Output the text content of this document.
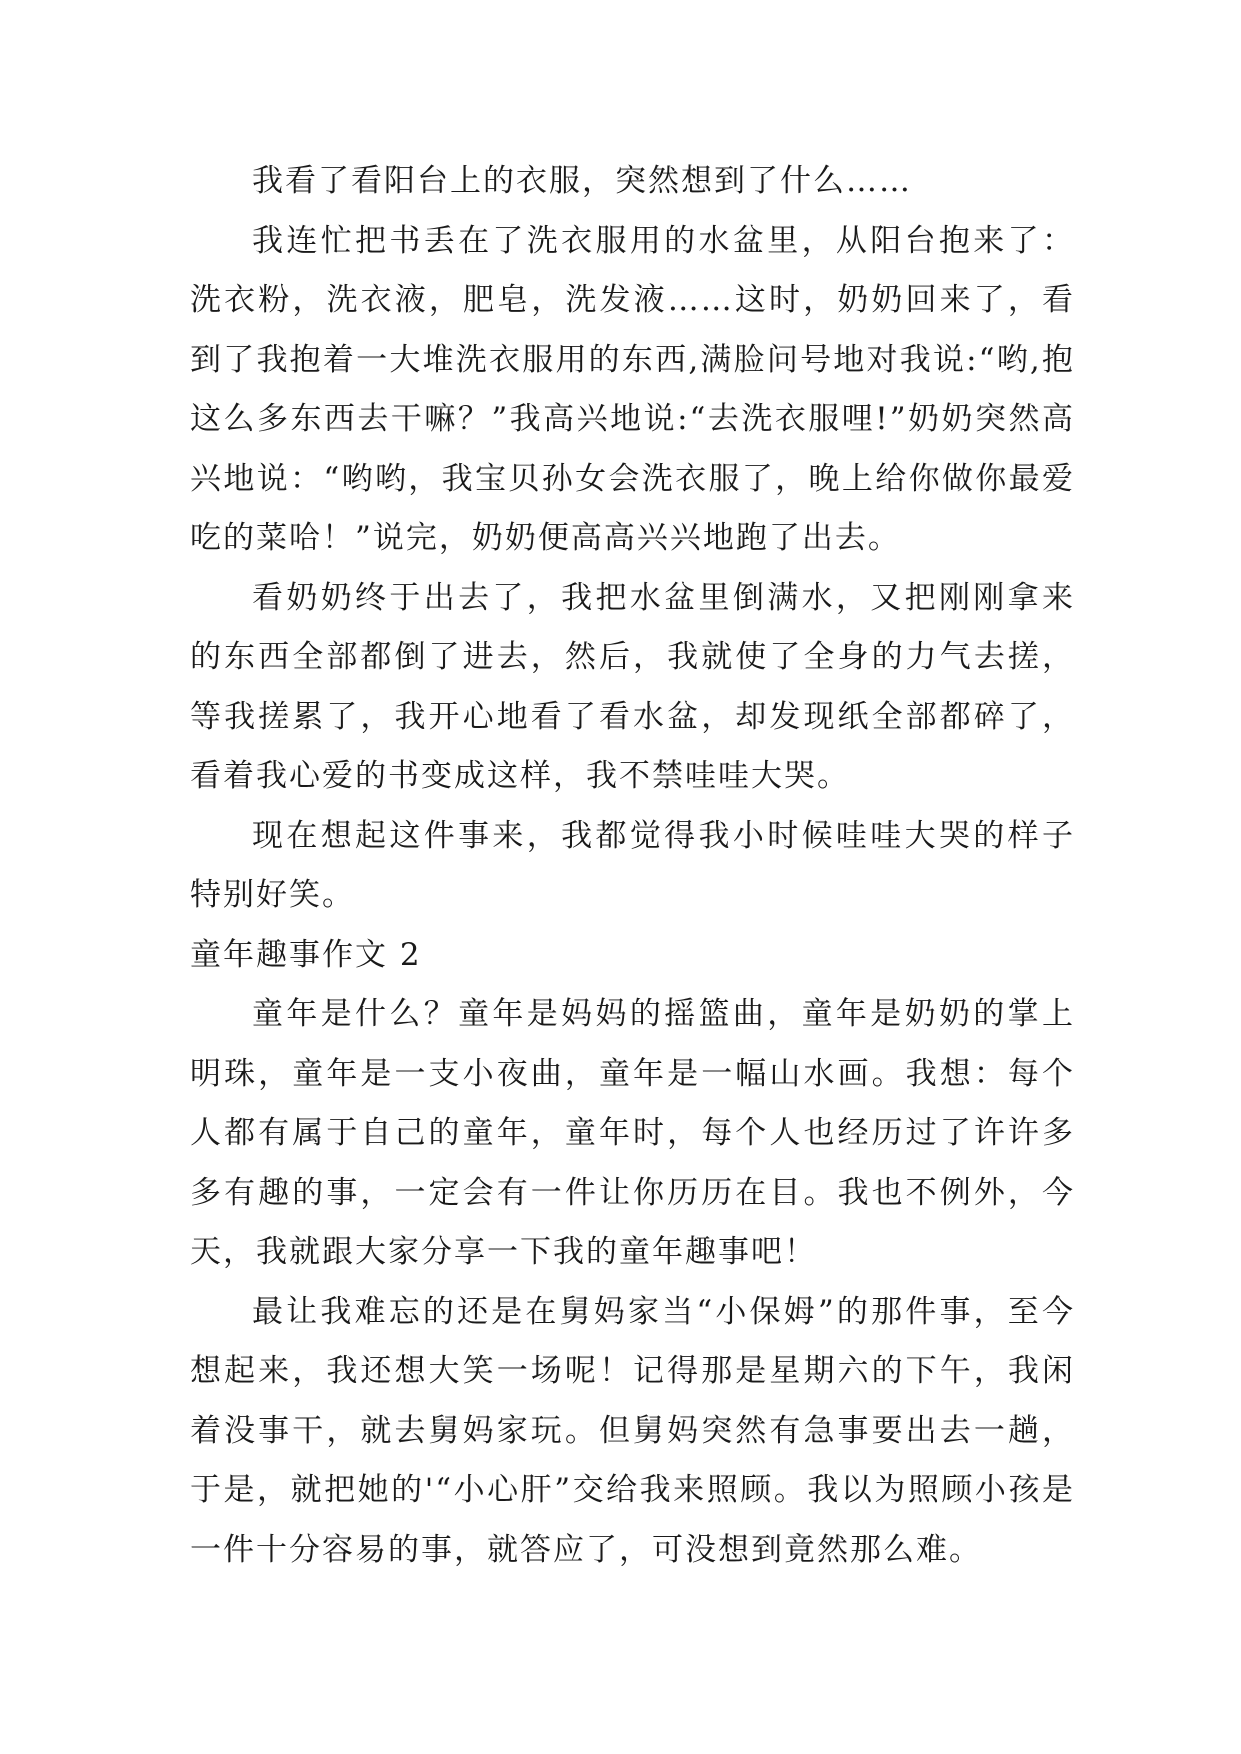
我看了看阳台上的衣服，突然想到了什么……

我连忙把书丢在了洗衣服用的水盆里，从阳台抱来了：洗衣粉，洗衣液，肥皂，洗发液……这时，奶奶回来了，看到了我抱着一大堆洗衣服用的东西,满脸问号地对我说:“哟,抱这么多东西去干嘛？”我高兴地说:“去洗衣服哩!”奶奶突然高兴地说：“哟哟，我宝贝孙女会洗衣服了，晚上给你做你最爱吃的菜哈！”说完，奶奶便高高兴兴地跑了出去。

看奶奶终于出去了，我把水盆里倒满水，又把刚刚拿来的东西全部都倒了进去，然后，我就使了全身的力气去搓，等我搓累了，我开心地看了看水盆，却发现纸全部都碎了，看着我心爱的书变成这样，我不禁哇哇大哭。

现在想起这件事来，我都觉得我小时候哇哇大哭的样子特别好笑。

童年趣事作文 2

童年是什么？童年是妈妈的摇篮曲，童年是奶奶的掌上明珠，童年是一支小夜曲，童年是一幅山水画。我想：每个人都有属于自己的童年，童年时，每个人也经历过了许许多多有趣的事，一定会有一件让你历历在目。我也不例外，今天，我就跟大家分享一下我的童年趣事吧！

最让我难忘的还是在舅妈家当“小保姆”的那件事，至今想起来，我还想大笑一场呢！记得那是星期六的下午，我闲着没事干，就去舅妈家玩。但舅妈突然有急事要出去一趟，于是，就把她的'“小心肝”交给我来照顾。我以为照顾小孩是一件十分容易的事，就答应了，可没想到竟然那么难。
